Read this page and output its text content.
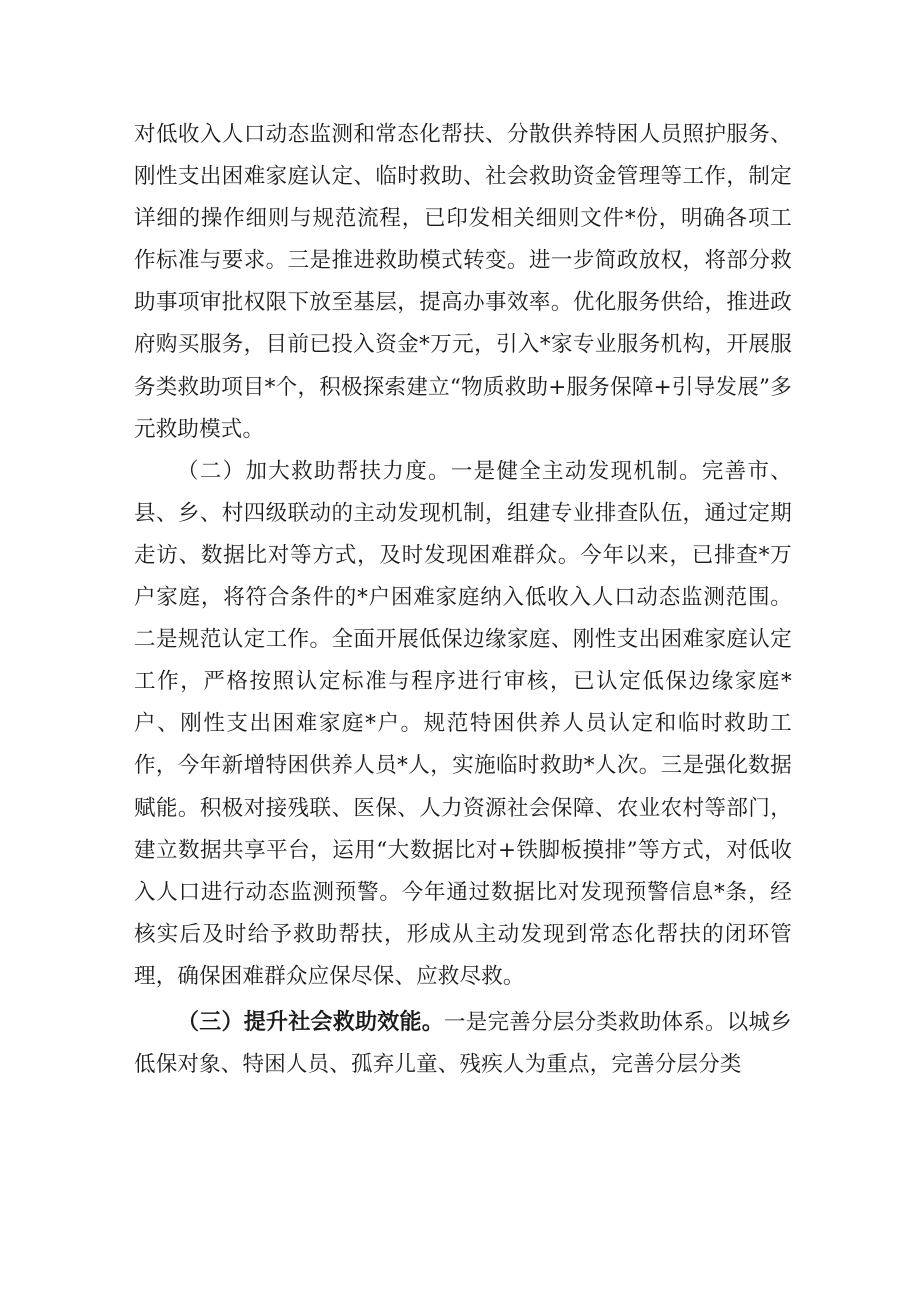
对低收入人口动态监测和常态化帮扶、分散供养特困人员照护服务、刚性支出困难家庭认定、临时救助、社会救助资金管理等工作，制定详细的操作细则与规范流程，已印发相关细则文件*份，明确各项工作标准与要求。三是推进救助模式转变。进一步简政放权，将部分救助事项审批权限下放至基层，提高办事效率。优化服务供给，推进政府购买服务，目前已投入资金*万元，引入*家专业服务机构，开展服务类救助项目*个，积极探索建立“物质救助+服务保障+引导发展”多元救助模式。

（二）加大救助帮扶力度。一是健全主动发现机制。完善市、县、乡、村四级联动的主动发现机制，组建专业排查队伍，通过定期走访、数据比对等方式，及时发现困难群众。今年以来，已排查*万户家庭，将符合条件的*户困难家庭纳入低收入人口动态监测范围。二是规范认定工作。全面开展低保边缘家庭、刚性支出困难家庭认定工作，严格按照认定标准与程序进行审核，已认定低保边缘家庭*户、刚性支出困难家庭*户。规范特困供养人员认定和临时救助工作，今年新增特困供养人员*人，实施临时救助*人次。三是强化数据赋能。积极对接残联、医保、人力资源社会保障、农业农村等部门，建立数据共享平台，运用“大数据比对+铁脚板摸排”等方式，对低收入人口进行动态监测预警。今年通过数据比对发现预警信息*条，经核实后及时给予救助帮扶，形成从主动发现到常态化帮扶的闭环管理，确保困难群众应保尽保、应救尽救。

（三）提升社会救助效能。一是完善分层分类救助体系。以城乡低保对象、特困人员、孤弃儿童、残疾人为重点，完善分层分类
